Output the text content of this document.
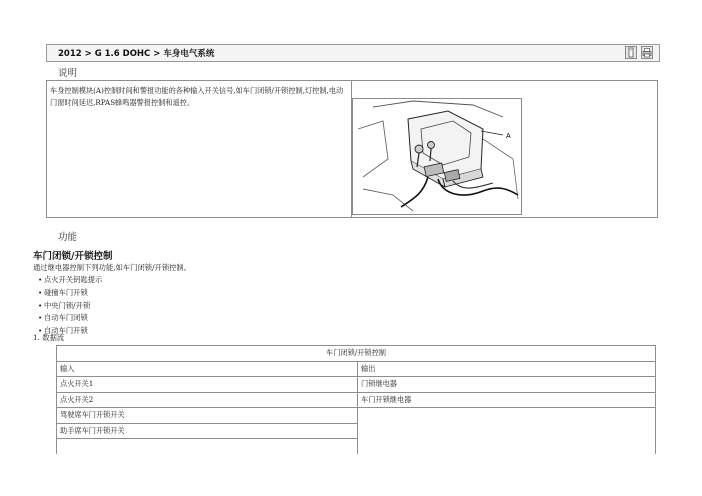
2012 > G 1.6 DOHC > 车身电气系统
说明
车身控制模块(A)控制时间和警报功能的各种输入开关信号,如车门闭锁/开锁控制,灯控制,电动门窗时间延迟,RPAS蜂鸣器警报控制和遥控。
A
功能
车门闭锁/开锁控制
通过继电器控制下列功能,如车门闭锁/开锁控制。
• 点火开关钥匙提示
• 碰撞车门开锁
• 中央门锁/开锁
• 自动车门闭锁
• 自动车门开锁
1. 数据流
车门闭锁/开锁控制	
输入	输出
点火开关1	门锁继电器
点火开关2	车门开锁继电器
驾驶席车门开锁开关	
助手席车门开锁开关	
